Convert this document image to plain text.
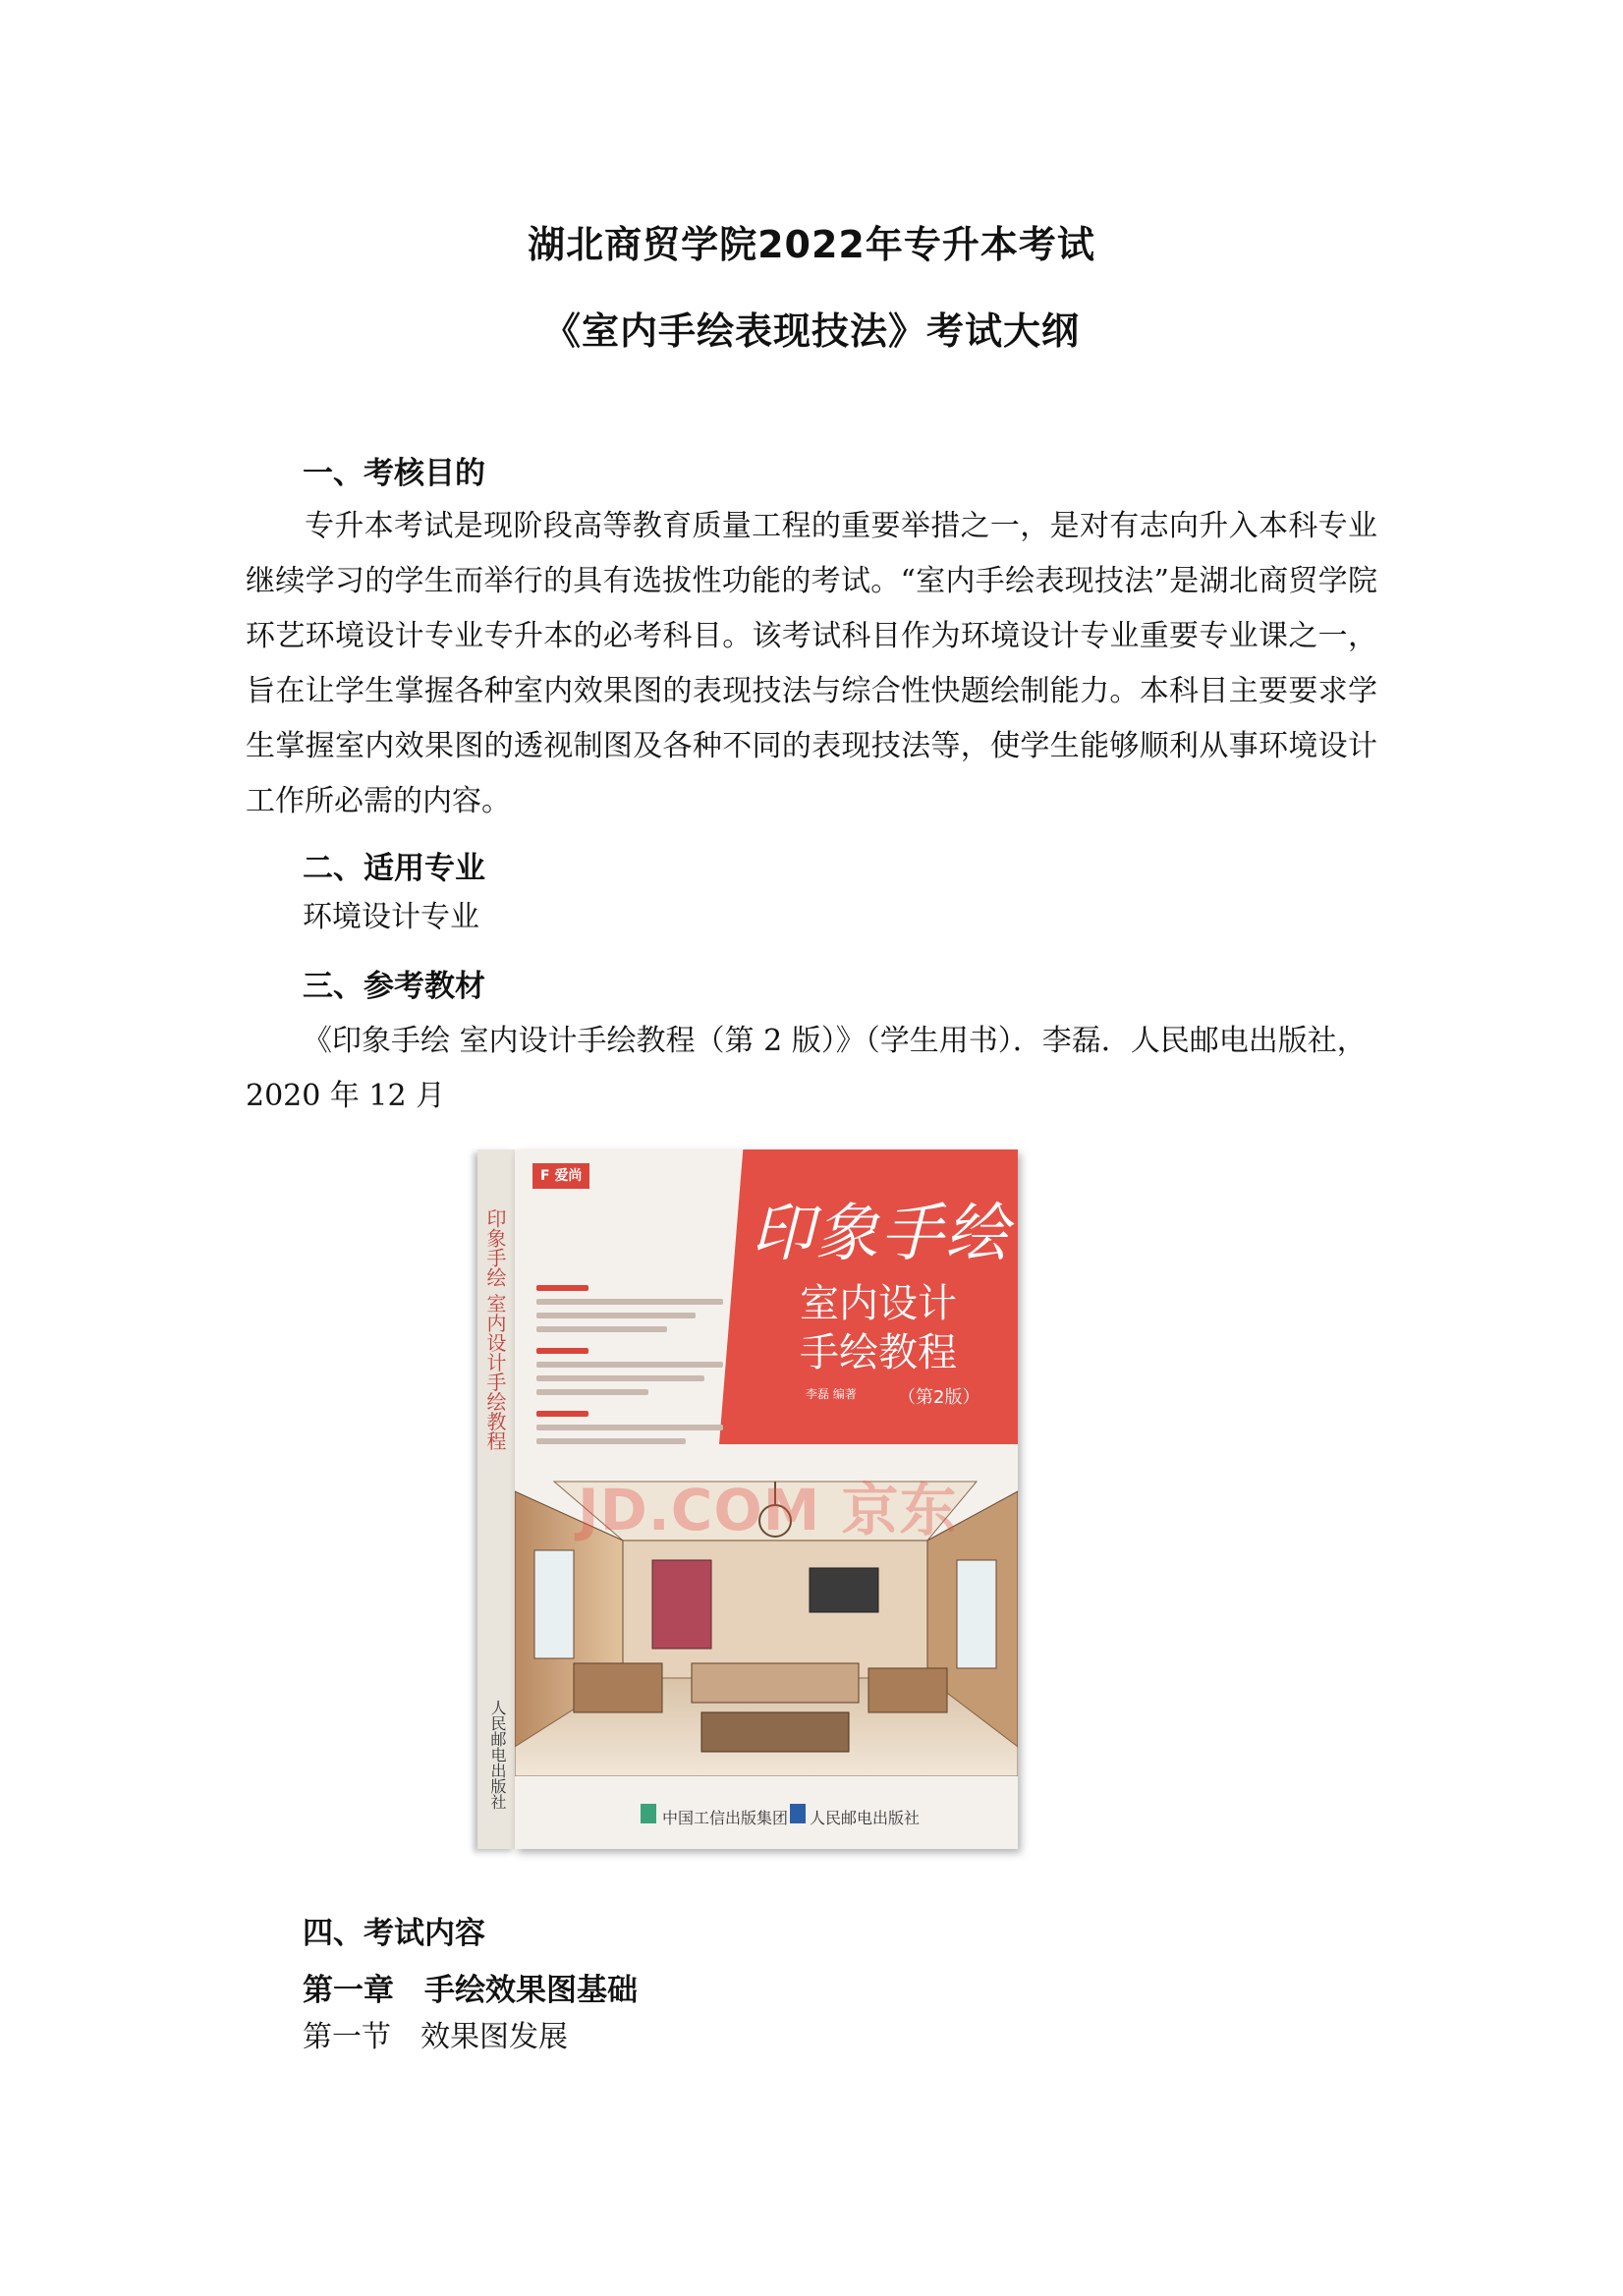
湖北商贸学院2022年专升本考试
《室内手绘表现技法》考试大纲
一、考核目的
专升本考试是现阶段高等教育质量工程的重要举措之一，是对有志向升入本科专业继续学习的学生而举行的具有选拔性功能的考试。“室内手绘表现技法”是湖北商贸学院环艺环境设计专业专升本的必考科目。该考试科目作为环境设计专业重要专业课之一，旨在让学生掌握各种室内效果图的表现技法与综合性快题绘制能力。本科目主要要求学生掌握室内效果图的透视制图及各种不同的表现技法等，使学生能够顺利从事环境设计工作所必需的内容。
二、适用专业
环境设计专业
三、参考教材
《印象手绘 室内设计手绘教程（第 2 版）》（学生用书）．李磊．人民邮电出版社，2020 年 12 月
印象手绘 室内设计手绘教程
人民邮电出版社
F 爱尚
印象手绘
室内设计
手绘教程
李磊 编著 （第2版）
JD.COM 京东
中国工信出版集团 人民邮电出版社
四、考试内容
第一章　手绘效果图基础
第一节　效果图发展
